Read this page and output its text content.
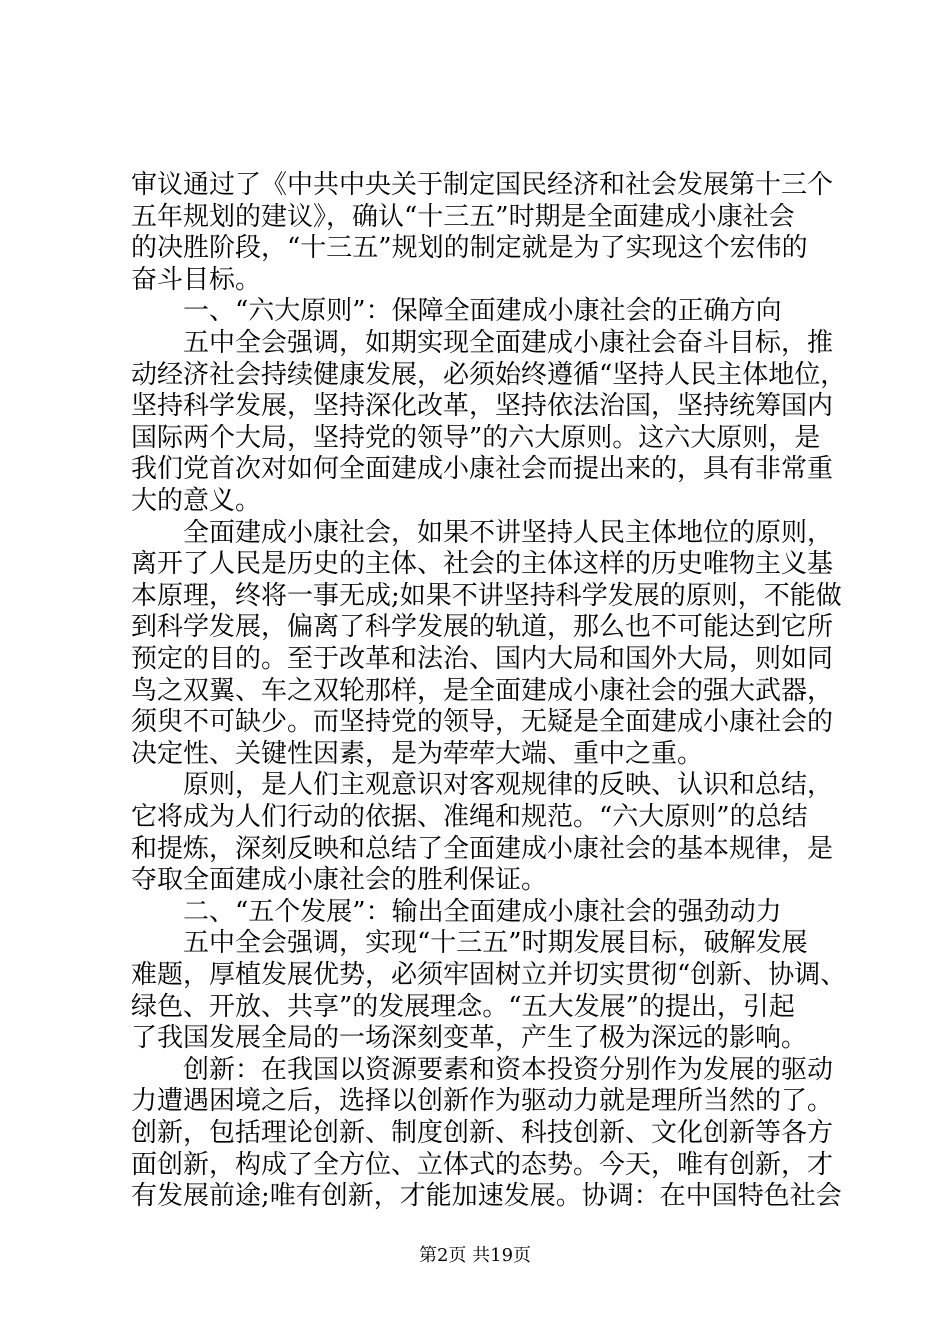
审议通过了《中共中央关于制定国民经济和社会发展第十三个
五年规划的建议》，确认“十三五”时期是全面建成小康社会
的决胜阶段，“十三五”规划的制定就是为了实现这个宏伟的
奋斗目标。
一、“六大原则”：保障全面建成小康社会的正确方向
五中全会强调，如期实现全面建成小康社会奋斗目标，推
动经济社会持续健康发展，必须始终遵循“坚持人民主体地位，
坚持科学发展，坚持深化改革，坚持依法治国，坚持统筹国内
国际两个大局，坚持党的领导”的六大原则。这六大原则，是
我们党首次对如何全面建成小康社会而提出来的，具有非常重
大的意义。
全面建成小康社会，如果不讲坚持人民主体地位的原则，
离开了人民是历史的主体、社会的主体这样的历史唯物主义基
本原理，终将一事无成;如果不讲坚持科学发展的原则，不能做
到科学发展，偏离了科学发展的轨道，那么也不可能达到它所
预定的目的。至于改革和法治、国内大局和国外大局，则如同
鸟之双翼、车之双轮那样，是全面建成小康社会的强大武器，
须臾不可缺少。而坚持党的领导，无疑是全面建成小康社会的
决定性、关键性因素，是为荦荦大端、重中之重。
原则，是人们主观意识对客观规律的反映、认识和总结，
它将成为人们行动的依据、准绳和规范。“六大原则”的总结
和提炼，深刻反映和总结了全面建成小康社会的基本规律，是
夺取全面建成小康社会的胜利保证。
二、“五个发展”：输出全面建成小康社会的强劲动力
五中全会强调，实现“十三五”时期发展目标，破解发展
难题，厚植发展优势，必须牢固树立并切实贯彻“创新、协调、
绿色、开放、共享”的发展理念。“五大发展”的提出，引起
了我国发展全局的一场深刻变革，产生了极为深远的影响。
创新：在我国以资源要素和资本投资分别作为发展的驱动
力遭遇困境之后，选择以创新作为驱动力就是理所当然的了。
创新，包括理论创新、制度创新、科技创新、文化创新等各方
面创新，构成了全方位、立体式的态势。今天，唯有创新，才
有发展前途;唯有创新，才能加速发展。协调：在中国特色社会
第2页 共19页
